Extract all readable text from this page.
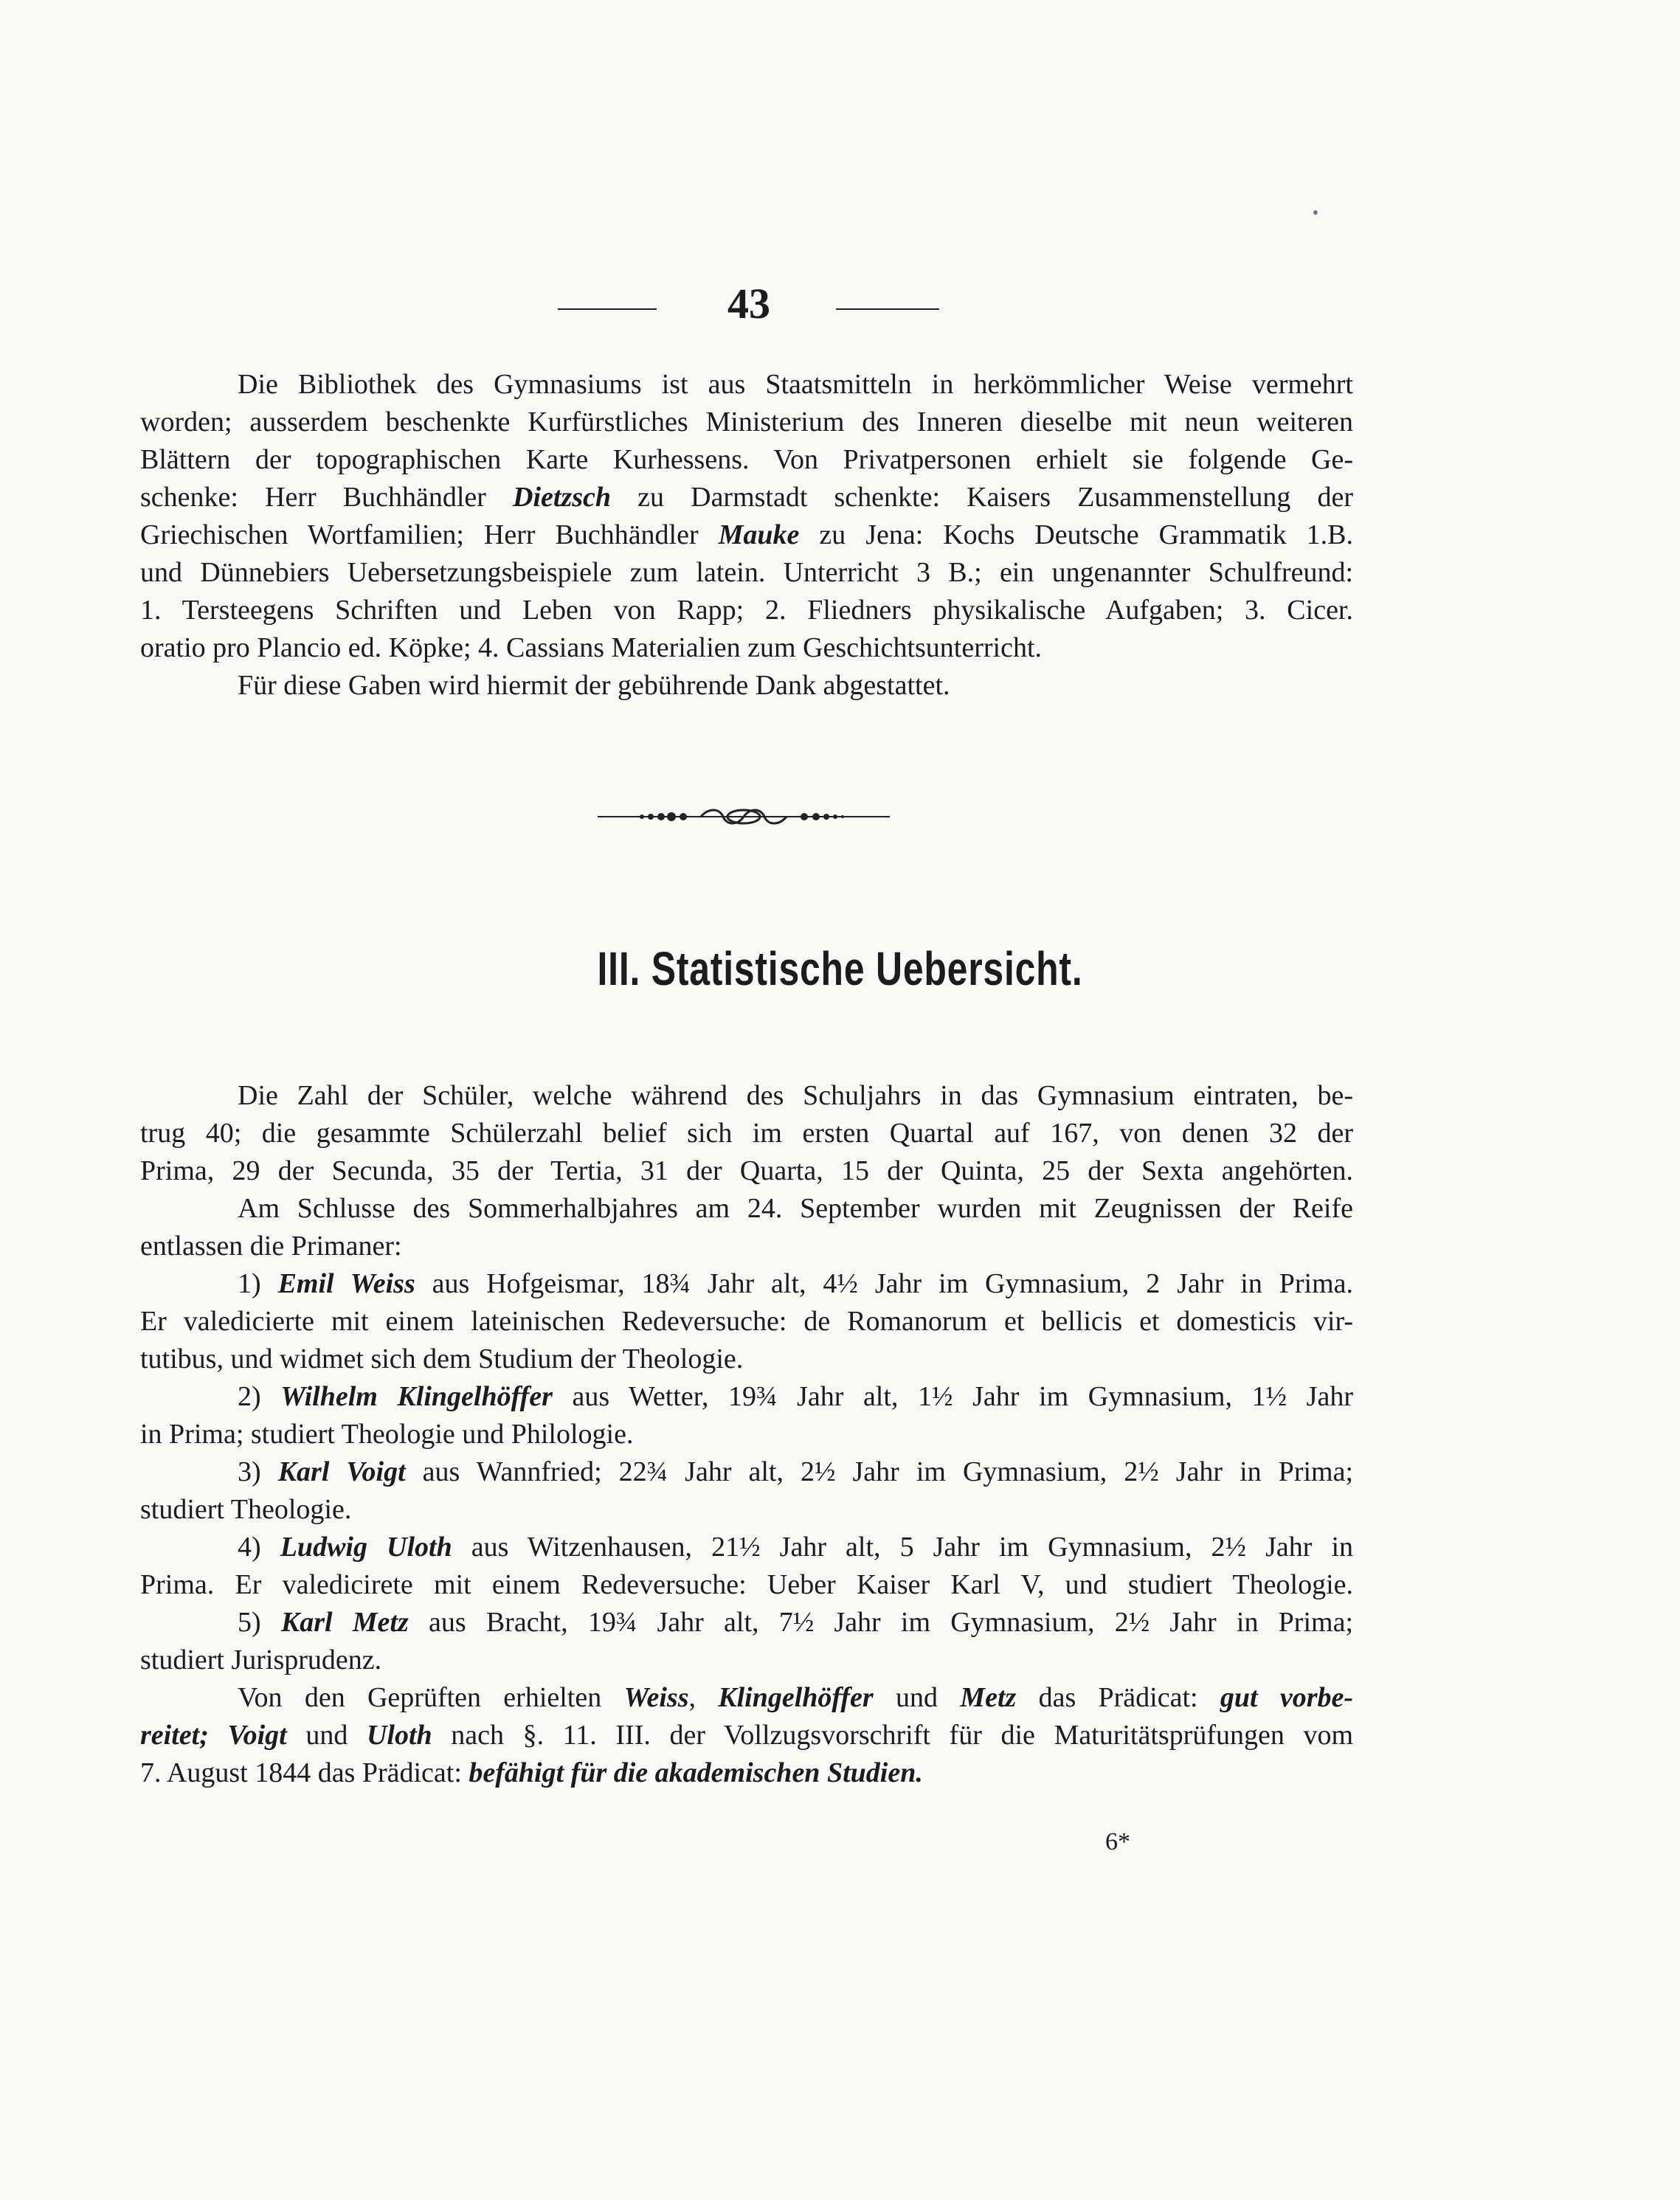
43
Die Bibliothek des Gymnasiums ist aus Staatsmitteln in herkömmlicher Weise vermehrt
worden; ausserdem beschenkte Kurfürstliches Ministerium des Inneren dieselbe mit neun weiteren
Blättern der topographischen Karte Kurhessens. Von Privatpersonen erhielt sie folgende Ge-
schenke: Herr Buchhändler Dietzsch zu Darmstadt schenkte: Kaisers Zusammenstellung der
Griechischen Wortfamilien; Herr Buchhändler Mauke zu Jena: Kochs Deutsche Grammatik 1.B.
und Dünnebiers Uebersetzungsbeispiele zum latein. Unterricht 3 B.; ein ungenannter Schulfreund:
1. Tersteegens Schriften und Leben von Rapp; 2. Fliedners physikalische Aufgaben; 3. Cicer.
oratio pro Plancio ed. Köpke; 4. Cassians Materialien zum Geschichtsunterricht.
Für diese Gaben wird hiermit der gebührende Dank abgestattet.
III. Statistische Uebersicht.
Die Zahl der Schüler, welche während des Schuljahrs in das Gymnasium eintraten, be-
trug 40; die gesammte Schülerzahl belief sich im ersten Quartal auf 167, von denen 32 der
Prima, 29 der Secunda, 35 der Tertia, 31 der Quarta, 15 der Quinta, 25 der Sexta angehörten.
Am Schlusse des Sommerhalbjahres am 24. September wurden mit Zeugnissen der Reife
entlassen die Primaner:
1) Emil Weiss aus Hofgeismar, 18¾ Jahr alt, 4½ Jahr im Gymnasium, 2 Jahr in Prima.
Er valedicierte mit einem lateinischen Redeversuche: de Romanorum et bellicis et domesticis vir-
tutibus, und widmet sich dem Studium der Theologie.
2) Wilhelm Klingelhöffer aus Wetter, 19¾ Jahr alt, 1½ Jahr im Gymnasium, 1½ Jahr
in Prima; studiert Theologie und Philologie.
3) Karl Voigt aus Wannfried; 22¾ Jahr alt, 2½ Jahr im Gymnasium, 2½ Jahr in Prima;
studiert Theologie.
4) Ludwig Uloth aus Witzenhausen, 21½ Jahr alt, 5 Jahr im Gymnasium, 2½ Jahr in
Prima. Er valedicirete mit einem Redeversuche: Ueber Kaiser Karl V, und studiert Theologie.
5) Karl Metz aus Bracht, 19¾ Jahr alt, 7½ Jahr im Gymnasium, 2½ Jahr in Prima;
studiert Jurisprudenz.
Von den Geprüften erhielten Weiss, Klingelhöffer und Metz das Prädicat: gut vorbe-
reitet; Voigt und Uloth nach §. 11. III. der Vollzugsvorschrift für die Maturitätsprüfungen vom
7. August 1844 das Prädicat: befähigt für die akademischen Studien.
6*
